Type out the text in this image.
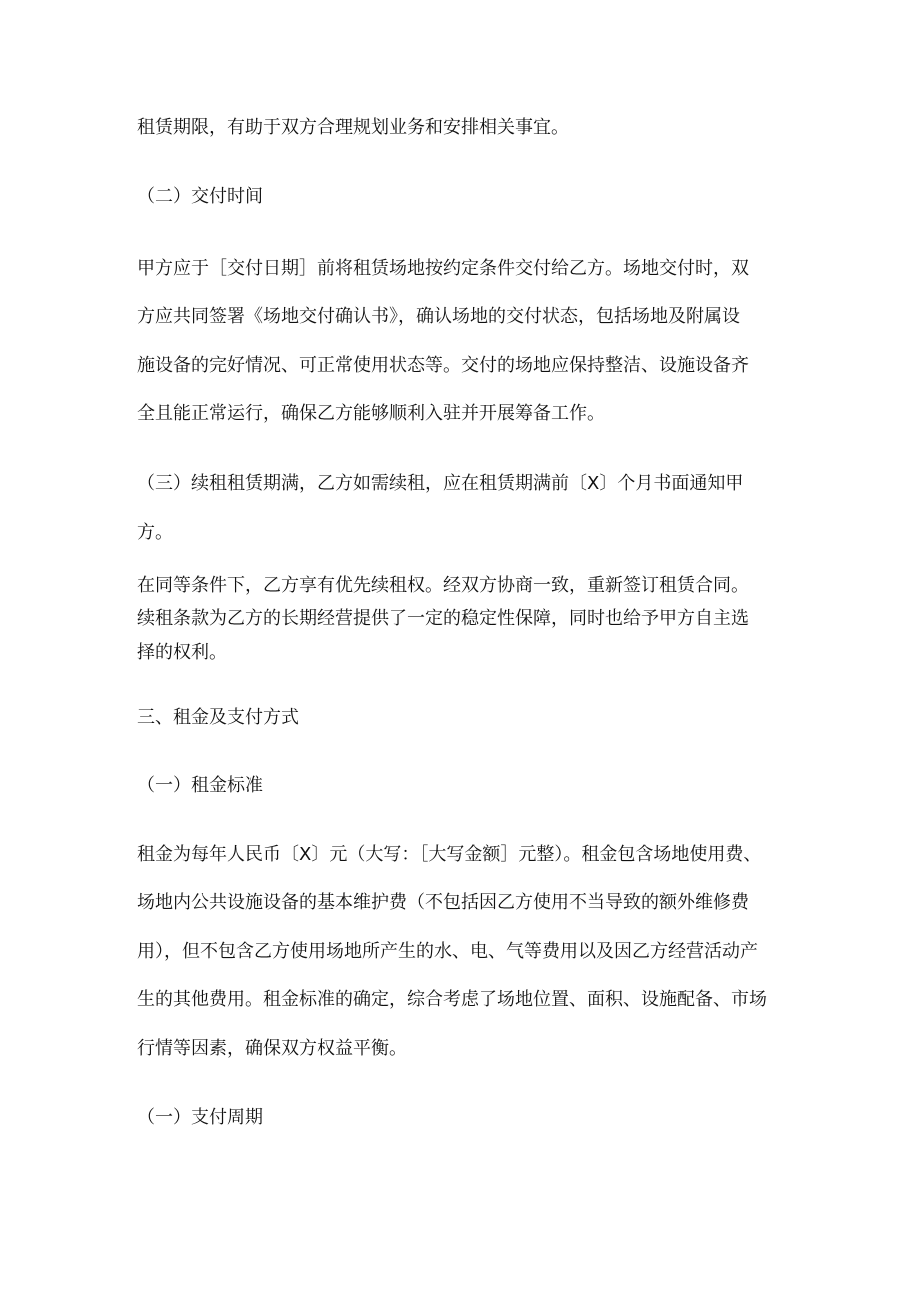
租赁期限，有助于双方合理规划业务和安排相关事宜。
（二）交付时间
甲方应于［交付日期］前将租赁场地按约定条件交付给乙方。场地交付时，双
方应共同签署《场地交付确认书》，确认场地的交付状态，包括场地及附属设
施设备的完好情况、可正常使用状态等。交付的场地应保持整洁、设施设备齐
全且能正常运行，确保乙方能够顺利入驻并开展筹备工作。
（三）续租租赁期满，乙方如需续租，应在租赁期满前〔X〕个月书面通知甲
方。
在同等条件下，乙方享有优先续租权。经双方协商一致，重新签订租赁合同。
续租条款为乙方的长期经营提供了一定的稳定性保障，同时也给予甲方自主选
择的权利。
三、租金及支付方式
（一）租金标准
租金为每年人民币〔X〕元（大写：［大写金额］元整）。租金包含场地使用费、
场地内公共设施设备的基本维护费（不包括因乙方使用不当导致的额外维修费
用），但不包含乙方使用场地所产生的水、电、气等费用以及因乙方经营活动产
生的其他费用。租金标准的确定，综合考虑了场地位置、面积、设施配备、市场
行情等因素，确保双方权益平衡。
（一）支付周期
